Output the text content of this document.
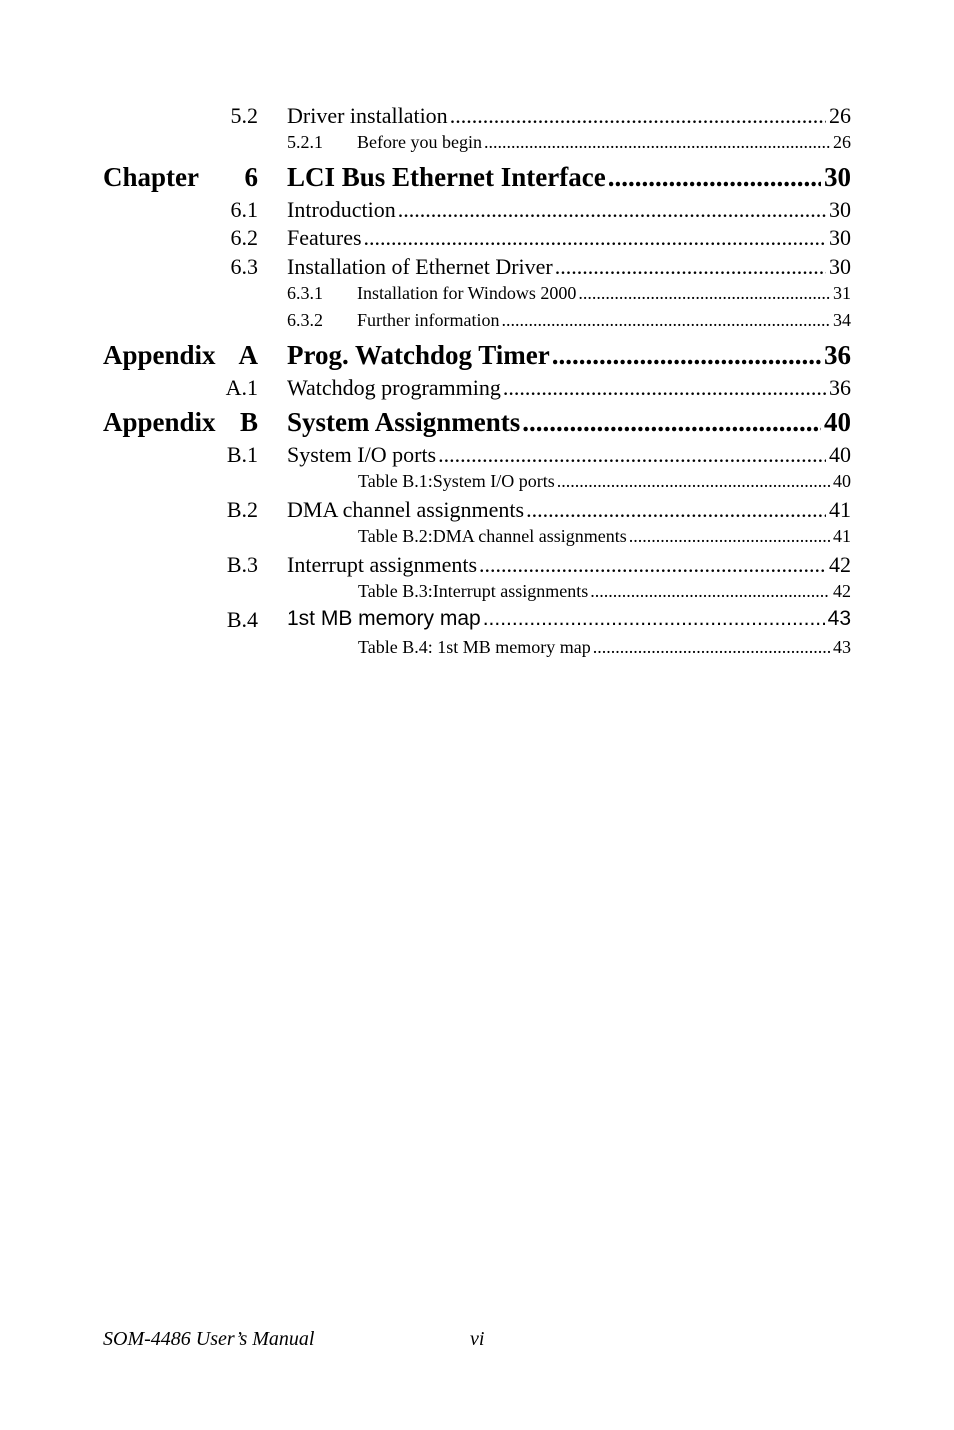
5.2 Driver installation .....	26
5.2.1 Before you begin .....	26
Chapter 6 LCI Bus Ethernet Interface .....	30
6.1 Introduction .....	30
6.2 Features .....	30
6.3 Installation of Ethernet Driver .....	30
6.3.1 Installation for Windows 2000 .....	31
6.3.2 Further information .....	34
Appendix A Prog. Watchdog Timer .....	36
A.1 Watchdog programming .....	36
Appendix B System Assignments .....	40
B.1 System I/O ports .....	40
Table B.1:System I/O ports .....	40
B.2 DMA channel assignments .....	41
Table B.2:DMA channel assignments .....	41
B.3 Interrupt assignments .....	42
Table B.3:Interrupt assignments .....	42
B.4 1st MB memory map .....	43
Table B.4: 1st MB memory map .....	43
SOM-4486 User’s Manual	vi
